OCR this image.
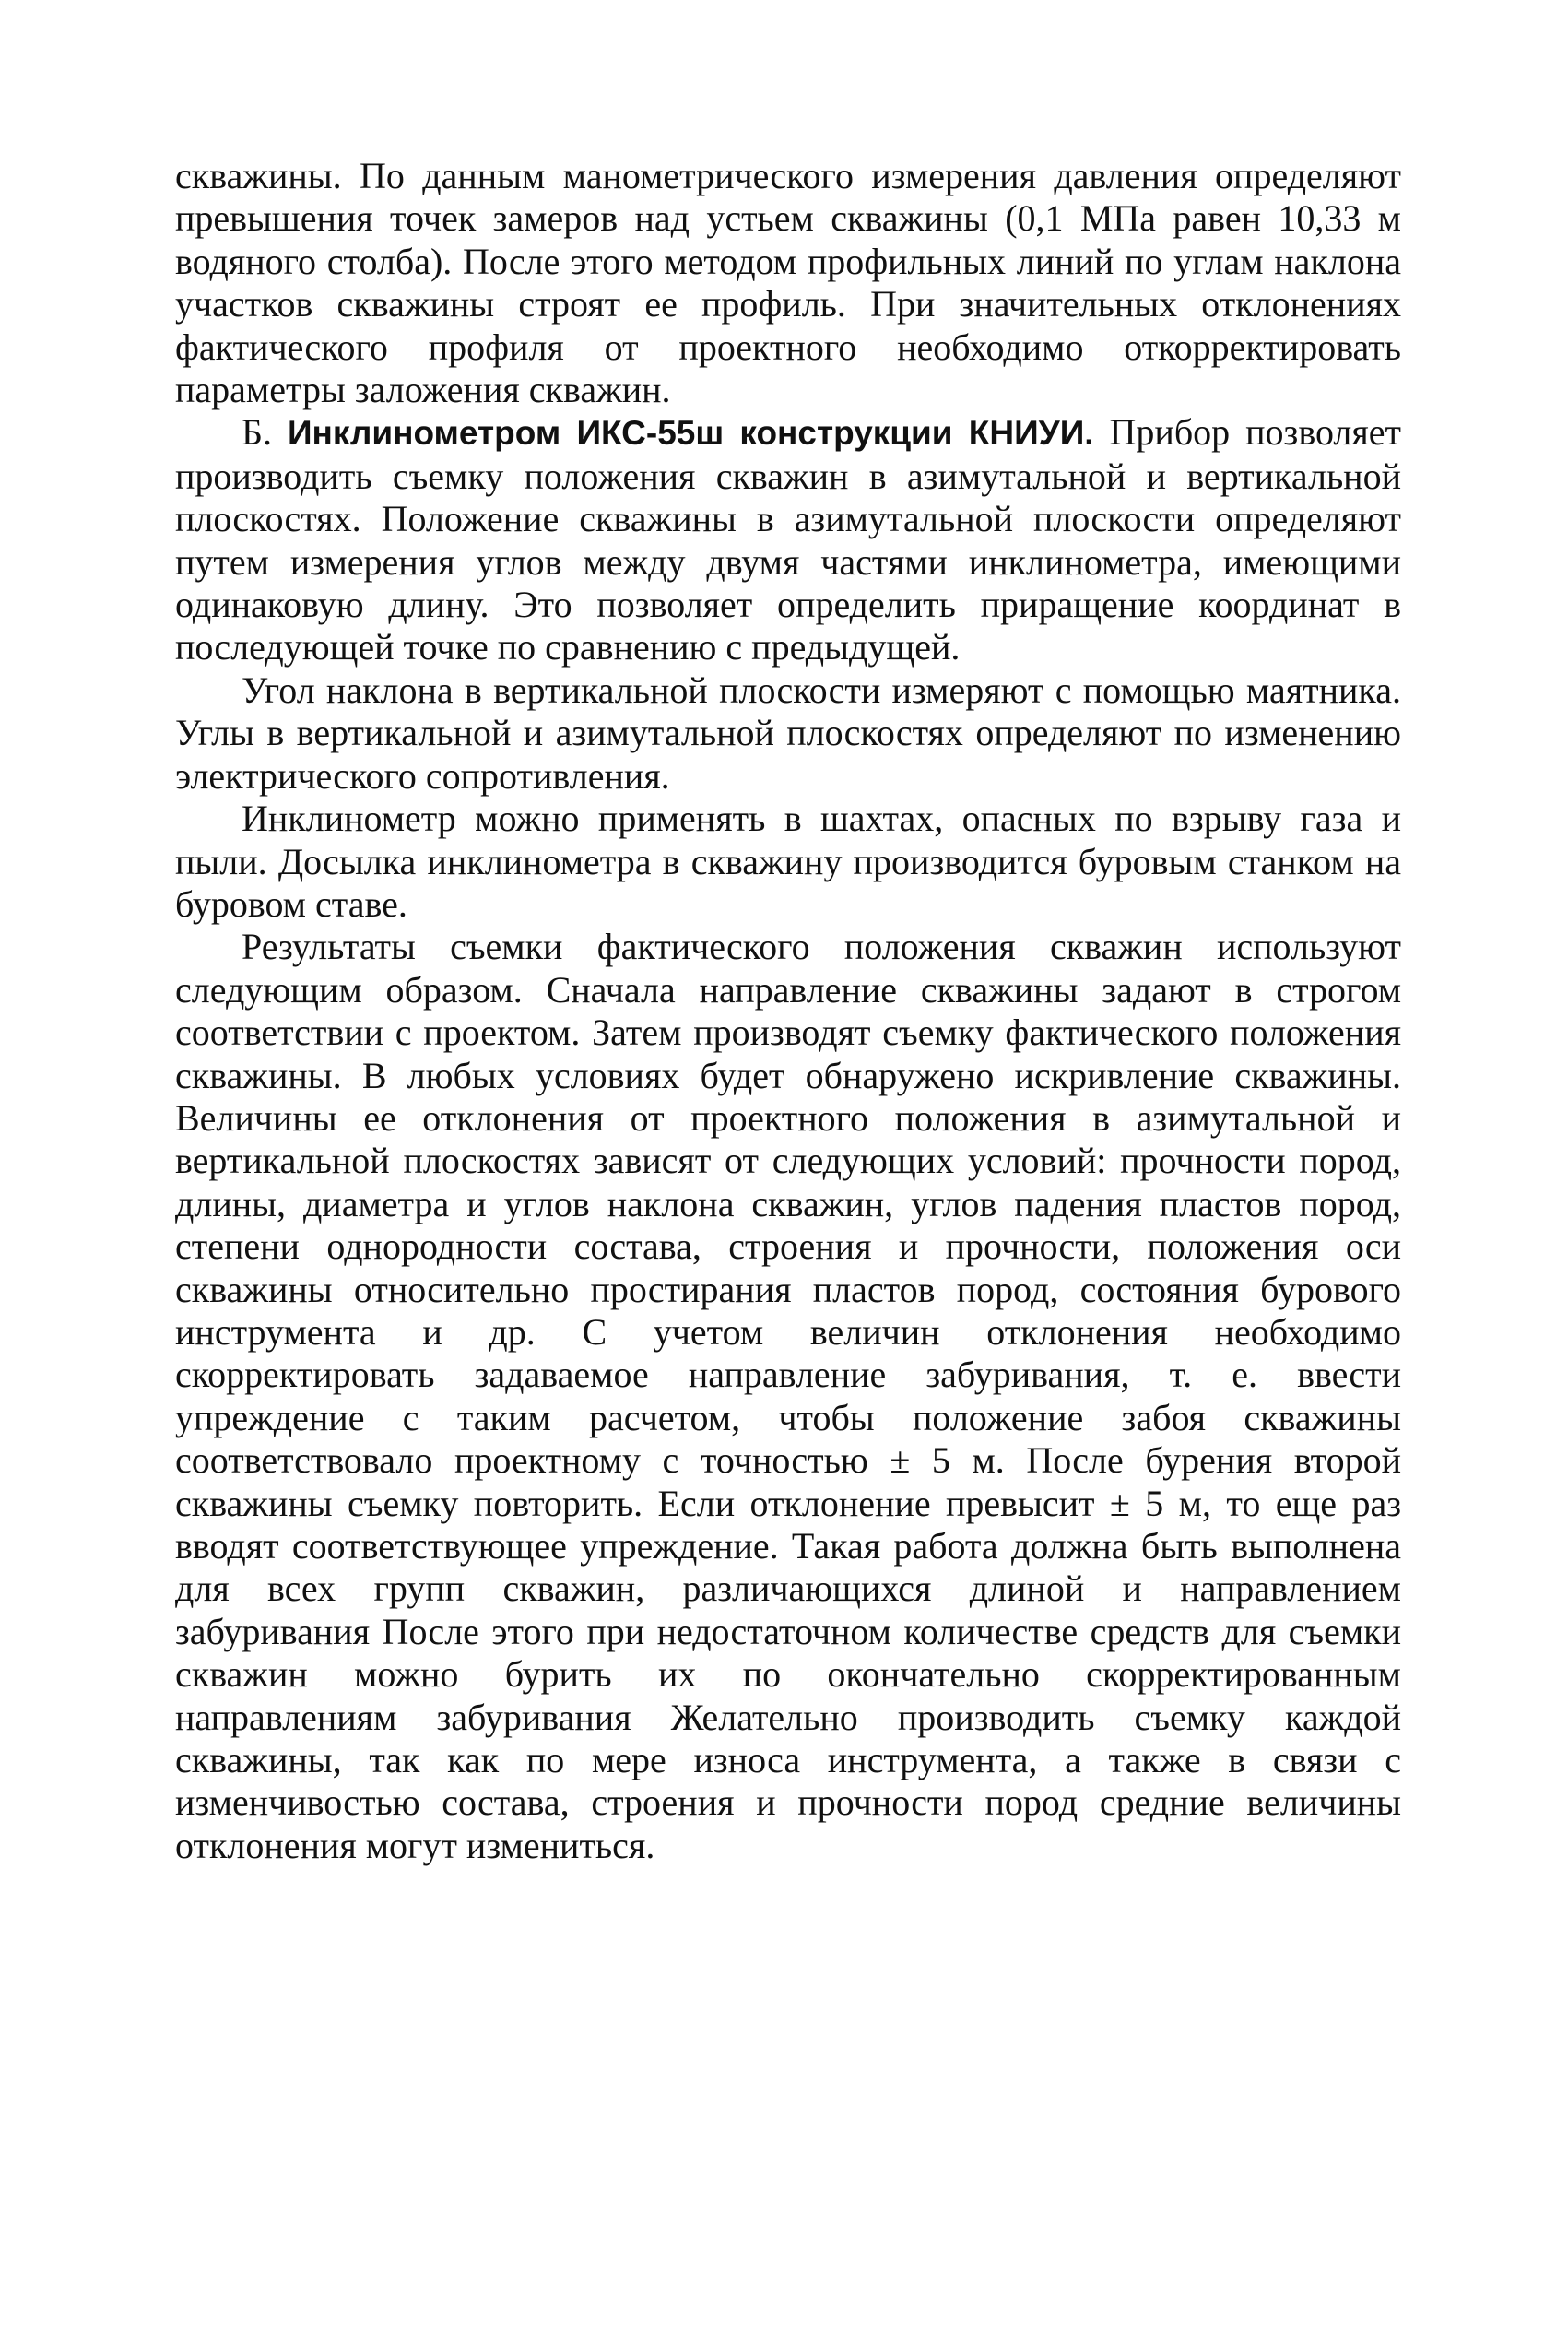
скважины. По данным манометрического измерения давления определяют превышения точек замеров над устьем скважины (0,1 МПа равен 10,33 м водяного столба). После этого методом профильных линий по углам наклона участков скважины строят ее профиль. При значительных отклонениях фактического профиля от проектного необходимо откорректировать параметры заложения скважин.

Б. Инклинометром ИКС-55ш конструкции КНИУИ. Прибор позволяет производить съемку положения скважин в азимутальной и вертикальной плоскостях. Положение скважины в азимутальной плоскости определяют путем измерения углов между двумя частями инклинометра, имеющими одинаковую длину. Это позволяет определить приращение координат в последующей точке по сравнению с предыдущей.

Угол наклона в вертикальной плоскости измеряют с помощью маятника. Углы в вертикальной и азимутальной плоскостях определяют по изменению электрического сопротивления.

Инклинометр можно применять в шахтах, опасных по взрыву газа и пыли. Досылка инклинометра в скважину производится буровым станком на буровом ставе.

Результаты съемки фактического положения скважин используют следующим образом. Сначала направление скважины задают в строгом соответствии с проектом. Затем производят съемку фактического положения скважины. В любых условиях будет обнаружено искривление скважины. Величины ее отклонения от проектного положения в азимутальной и вертикальной плоскостях зависят от следующих условий: прочности пород, длины, диаметра и углов наклона скважин, углов падения пластов пород, степени однородности состава, строения и прочности, положения оси скважины относительно простирания пластов пород, состояния бурового инструмента и др. С учетом величин отклонения необходимо скорректировать задаваемое направление забуривания, т. е. ввести упреждение с таким расчетом, чтобы положение забоя скважины соответствовало проектному с точностью ± 5 м. После бурения второй скважины съемку повторить. Если отклонение превысит ± 5 м, то еще раз вводят соответствующее упреждение. Такая работа должна быть выполнена для всех групп скважин, различающихся длиной и направлением забуривания После этого при недостаточном количестве средств для съемки скважин можно бурить их по окончательно скорректированным направлениям забуривания Желательно производить съемку каждой скважины, так как по мере износа инструмента, а также в связи с изменчивостью состава, строения и прочности пород средние величины отклонения могут измениться.
